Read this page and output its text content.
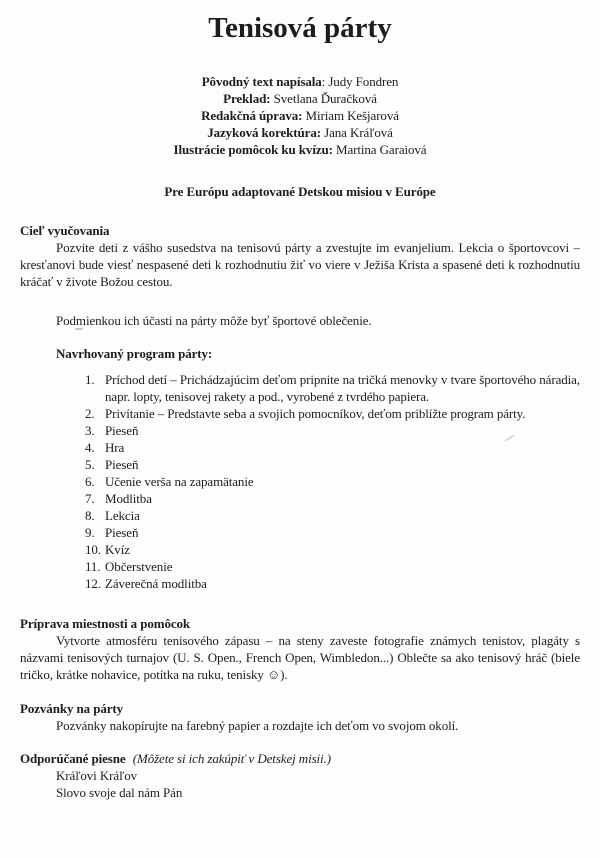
Tenisová párty
Pôvodný text napísala: Judy Fondren
Preklad: Svetlana Ďuračková
Redakčná úprava: Miriam Kešjarová
Jazyková korektúra: Jana Kráľová
Ilustrácie pomôcok ku kvízu: Martina Garaiová

Pre Európu adaptované Detskou misiou v Európe

Cieľ vyučovania

Pozvite deti z vášho susedstva na tenisovú párty a zvestujte im evanjelium. Lekcia o športovcovi – kresťanovi bude viesť nespasené deti k rozhodnutiu žiť vo viere v Ježiša Krista a spasené deti k rozhodnutiu kráčať v živote Božou cestou.

Podmienkou ich účasti na párty môže byť športové oblečenie.

Navrhovaný program párty:

1. Príchod detí – Prichádzajúcim deťom pripnite na tričká menovky v tvare športového náradia, napr. lopty, tenisovej rakety a pod., vyrobené z tvrdého papiera.
2. Privítanie – Predstavte seba a svojich pomocníkov, deťom priblížte program párty.
3. Pieseň
4. Hra
5. Pieseň
6. Učenie verša na zapamätanie
7. Modlitba
8. Lekcia
9. Pieseň
10. Kvíz
11. Občerstvenie
12. Záverečná modlitba

Príprava miestnosti a pomôcok

Vytvorte atmosféru tenisového zápasu – na steny zaveste fotografie známych tenistov, plagáty s názvami tenisových turnajov (U. S. Open., French Open, Wimbledon...) Oblečte sa ako tenisový hráč (biele tričko, krátke nohavice, potítka na ruku, tenisky ☺).

Pozvánky na párty

Pozvánky nakopírujte na farebný papier a rozdajte ich deťom vo svojom okolí.

Odporúčané piesne (Môžete si ich zakúpiť v Detskej misii.)

Kráľovi Kráľov
Slovo svoje dal nám Pán
